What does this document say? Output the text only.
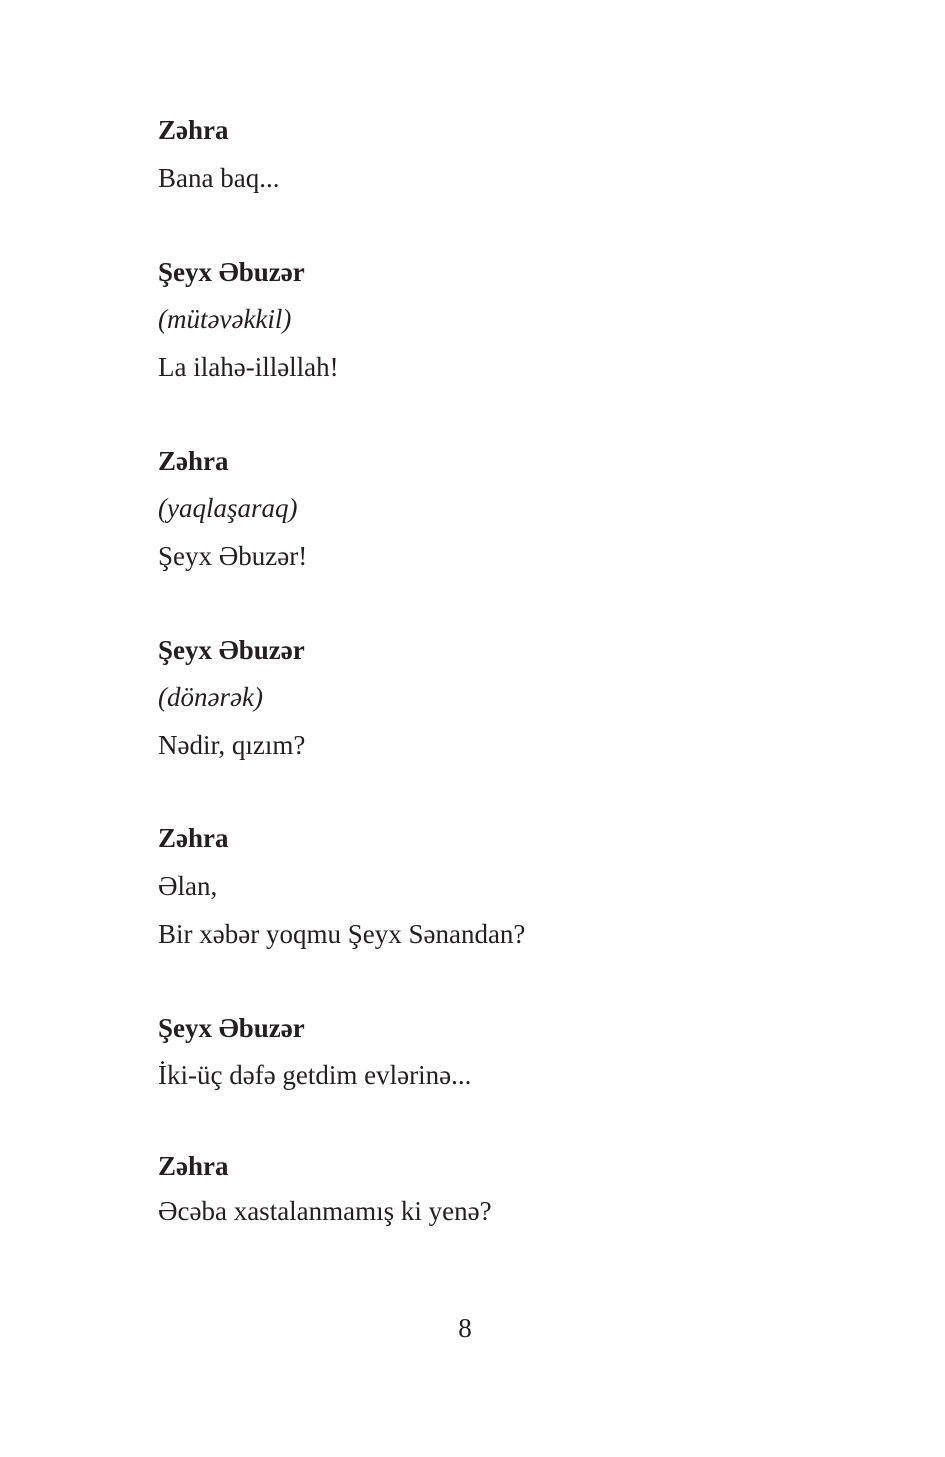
Zəhra
Bana baq...
Şeyx Əbuzər
(mütəvəkkil)
La ilahə-illəllah!
Zəhra
(yaqlaşaraq)
Şeyx Əbuzər!
Şeyx Əbuzər
(dönərək)
Nədir, qızım?
Zəhra
Əlan,
Bir xəbər yoqmu Şeyx Sənandan?
Şeyx Əbuzər
İki-üç dəfə getdim evlərinə...
Zəhra
Əcəba xastalanmamış ki yenə?
8
